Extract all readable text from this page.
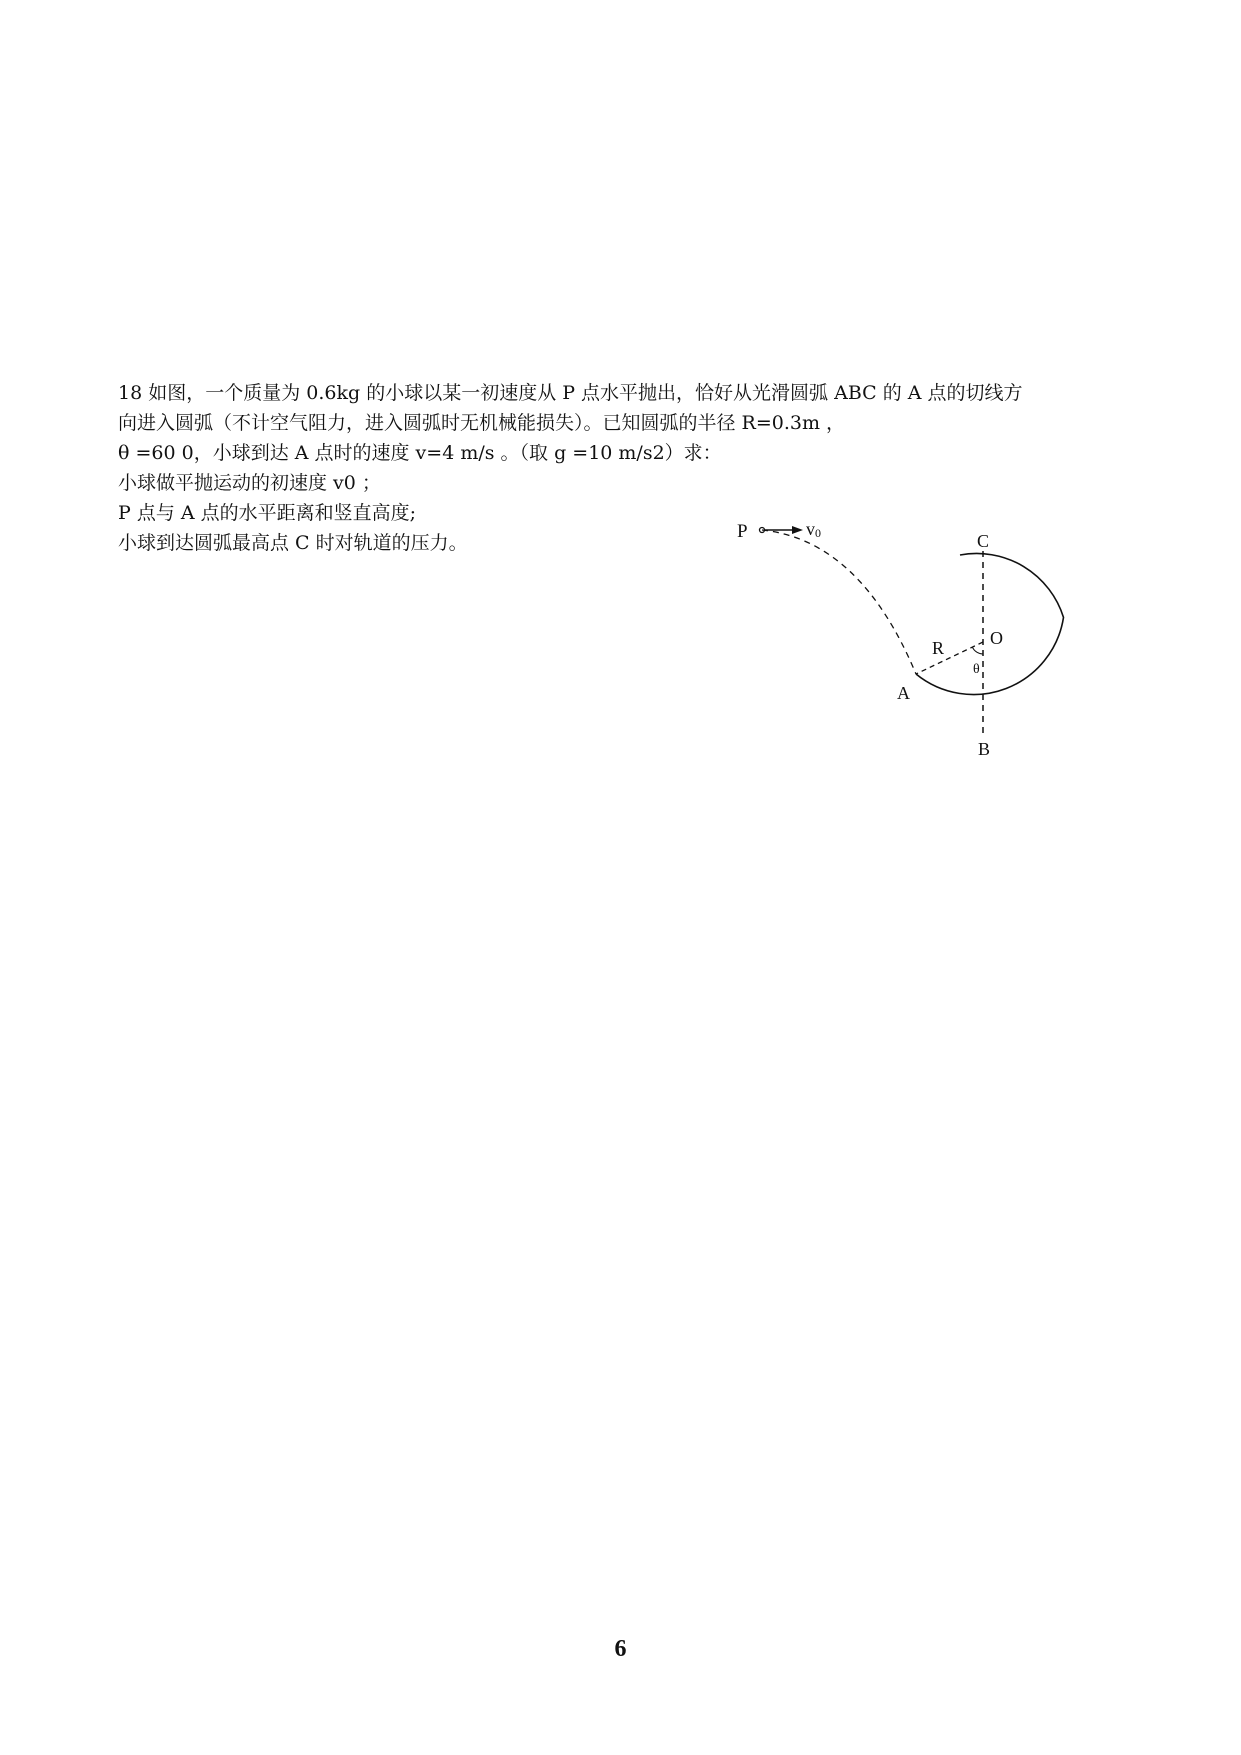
18 如图，一个质量为 0.6kg 的小球以某一初速度从 P 点水平抛出，恰好从光滑圆弧 ABC 的 A 点的切线方

向进入圆弧（不计空气阻力，进入圆弧时无机械能损失）。已知圆弧的半径 R=0.3m ，

θ =60 0，小球到达 A 点时的速度 v=4 m/s 。（取 g =10 m/s2）求：

小球做平抛运动的初速度 v0 ；

P 点与 A 点的水平距离和竖直高度;

小球到达圆弧最高点 C 时对轨道的压力。

P	v0	C
O
R
θ
A
B
6
